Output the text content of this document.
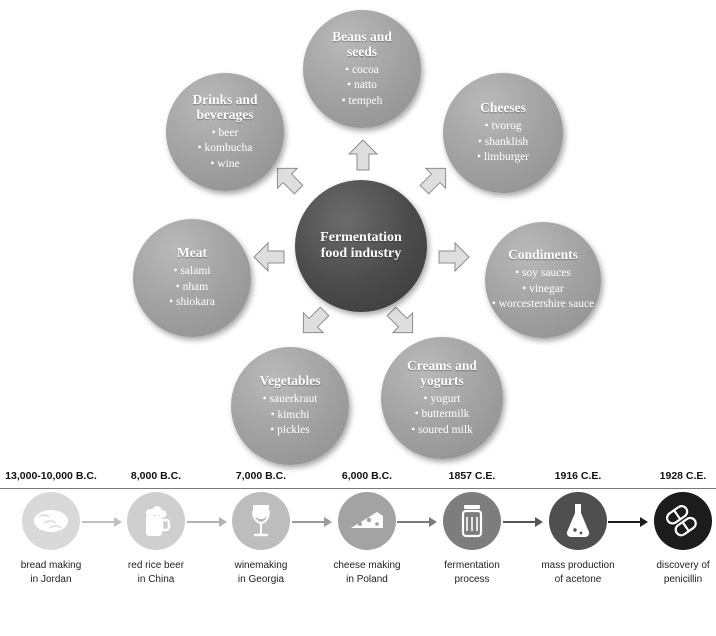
Fermentation
food industry
Beans and
seeds
• cocoa
• natto
• tempeh
Drinks and
beverages
• beer
• kombucha
• wine
Cheeses
• tvorog
• shanklish
• limburger
Meat
• salami
• nham
• shiokara
Condiments
• soy sauces
• vinegar
• worcestershire sauce
Vegetables
• sauerkraut
• kimchi
• pickles
Creams and
yogurts
• yogurt
• buttermilk
• soured milk
13,000-10,000 B.C.
bread making
in Jordan
8,000 B.C.
red rice beer
in China
7,000 B.C.
winemaking
in Georgia
6,000 B.C.
cheese making
in Poland
1857 C.E.
fermentation
process
1916 C.E.
mass production
of acetone
1928 C.E.
discovery of
penicillin
